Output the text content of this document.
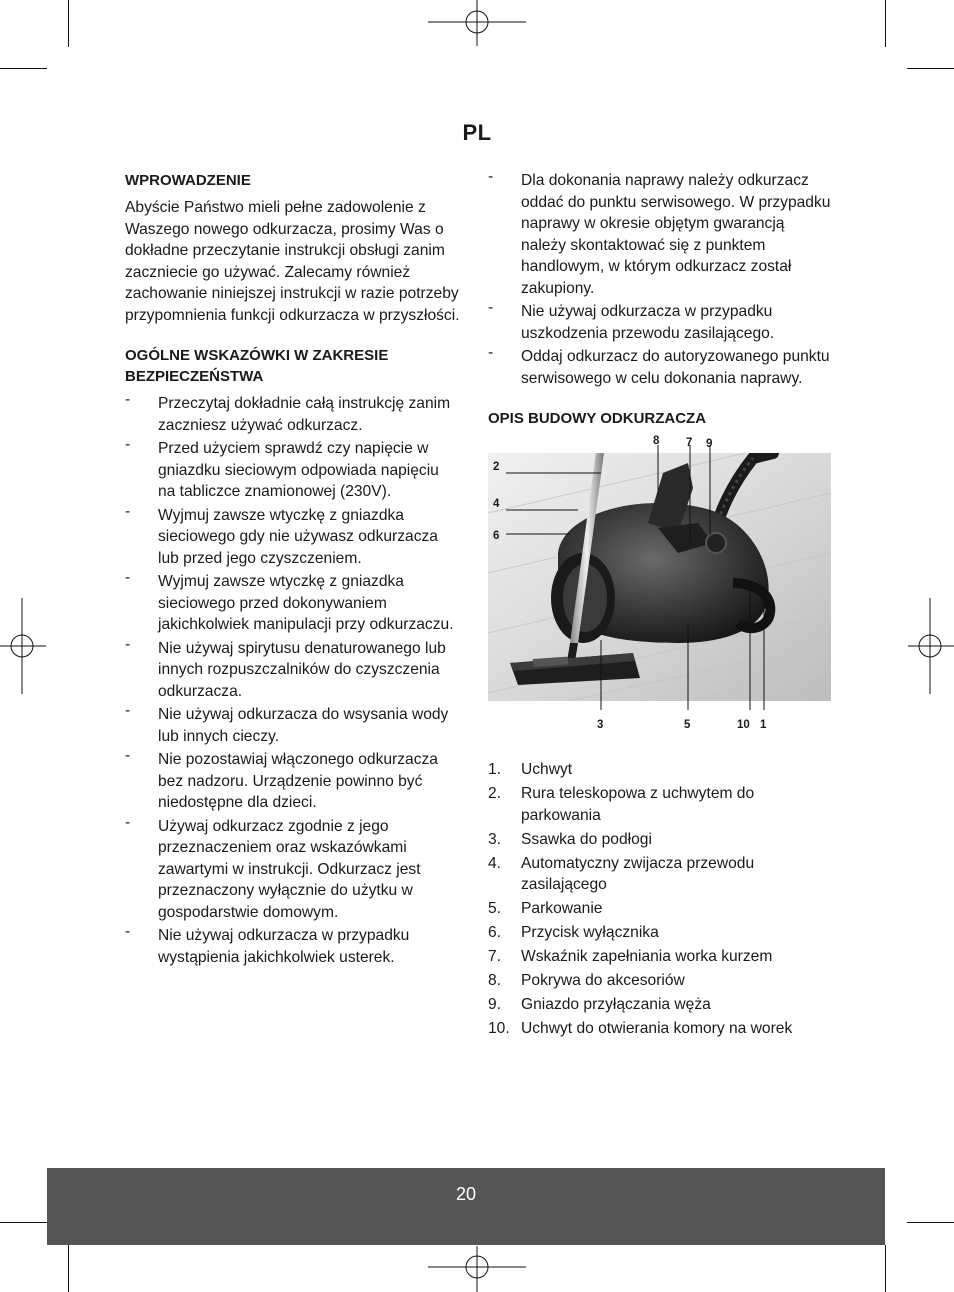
PL
WPROWADZENIE

Abyście Państwo mieli pełne zadowolenie z Waszego nowego odkurzacza, prosimy Was o dokładne przeczytanie instrukcji obsługi zanim zaczniecie go używać. Zalecamy również zachowanie niniejszej instrukcji w razie potrzeby przypomnienia funkcji odkurzacza w przyszłości.

OGÓLNE WSKAZÓWKI W ZAKRESIE BEZPIECZEŃSTWA
- Przeczytaj dokładnie całą instrukcję zanim zaczniesz używać odkurzacz.
- Przed użyciem sprawdź czy napięcie w gniazdku sieciowym odpowiada napięciu na tabliczce znamionowej (230V).
- Wyjmuj zawsze wtyczkę z gniazdka sieciowego gdy nie używasz odkurzacza lub przed jego czyszczeniem.
- Wyjmuj zawsze wtyczkę z gniazdka sieciowego przed dokonywaniem jakichkolwiek manipulacji przy odkurzaczu.
- Nie używaj spirytusu denaturowanego lub innych rozpuszczalników do czyszczenia odkurzacza.
- Nie używaj odkurzacza do wsysania wody lub innych cieczy.
- Nie pozostawiaj włączonego odkurzacza bez nadzoru. Urządzenie powinno być niedostępne dla dzieci.
- Używaj odkurzacz zgodnie z jego przeznaczeniem oraz wskazówkami zawartymi w instrukcji. Odkurzacz jest przeznaczony wyłącznie do użytku w gospodarstwie domowym.
- Nie używaj odkurzacza w przypadku wystąpienia jakichkolwiek usterek.
- Dla dokonania naprawy należy odkurzacz oddać do punktu serwisowego. W przypadku naprawy w okresie objętym gwarancją należy skontaktować się z punktem handlowym, w którym odkurzacz został zakupiony.
- Nie używaj odkurzacza w przypadku uszkodzenia przewodu zasilającego.
- Oddaj odkurzacz do autoryzowanego punktu serwisowego w celu dokonania naprawy.
OPIS BUDOWY ODKURZACZA
8 7 9
2
4
6
3	5	10 1
1. Uchwyt
2. Rura teleskopowa z uchwytem do parkowania
3. Ssawka do podłogi
4. Automatyczny zwijacza przewodu zasilającego
5. Parkowanie
6. Przycisk wyłącznika
7. Wskaźnik zapełniania worka kurzem
8. Pokrywa do akcesoriów
9. Gniazdo przyłączania węża
10. Uchwyt do otwierania komory na worek
20
